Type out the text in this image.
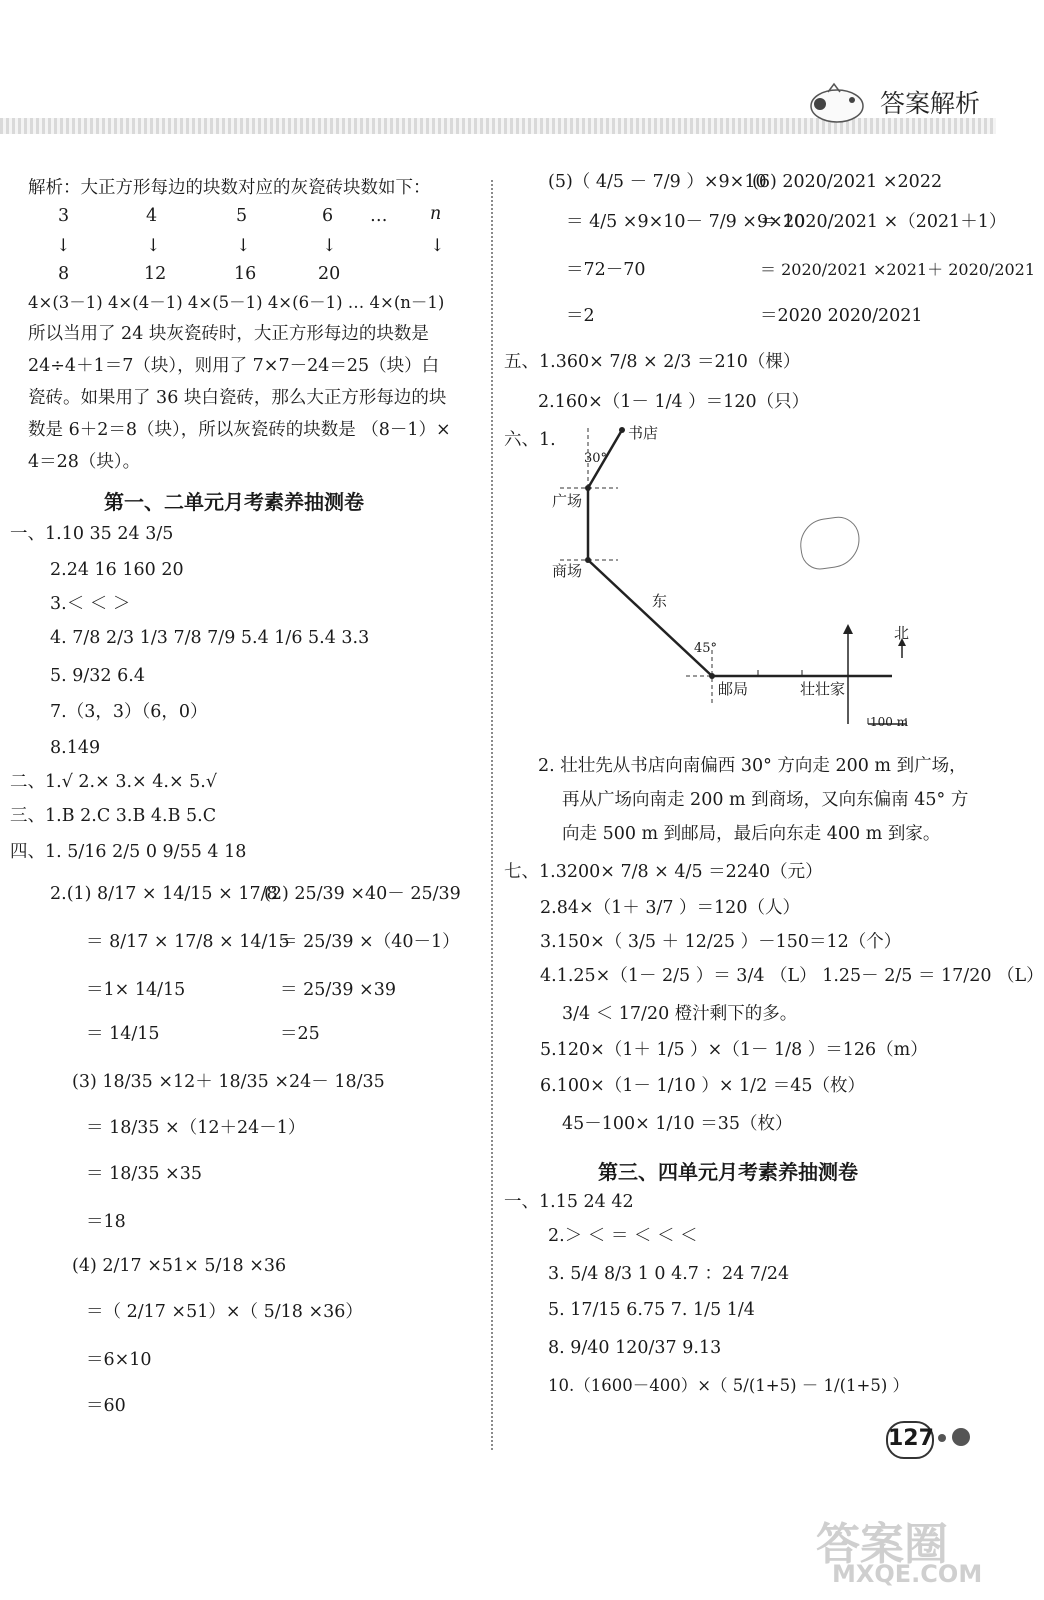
答案解析
解析：大正方形每边的块数对应的灰瓷砖块数如下：
3	4	5	6 … n
↓	↓	↓	↓	↓
8	12	16	20
4×(3－1) 4×(4－1) 4×(5－1) 4×(6－1) … 4×(n－1)
所以当用了 24 块灰瓷砖时，大正方形每边的块数是
24÷4＋1＝7（块），则用了 7×7－24＝25（块）白
瓷砖。如果用了 36 块白瓷砖，那么大正方形每边的块
数是 6＋2＝8（块），所以灰瓷砖的块数是 （8－1）×
4＝28（块）。
第一、二单元月考素养抽测卷
一、1.10 35 24 3/5
2.24 16 160 20
3.＜ ＜ ＞
4. 7/8 2/3 1/3 7/8 7/9 5.4 1/6 5.4 3.3
5. 9/32 6.4
7.（3，3）（6，0）
8.149
二、1.√ 2.× 3.× 4.× 5.√
三、1.B 2.C 3.B 4.B 5.C
四、1. 5/16 2/5 0 9/55 4 18
2.(1) 8/17 × 14/15 × 17/8
＝ 8/17 × 17/8 × 14/15
＝1× 14/15
＝ 14/15
(2) 25/39 ×40－ 25/39
＝ 25/39 ×（40－1）
＝ 25/39 ×39
＝25
(3) 18/35 ×12＋ 18/35 ×24－ 18/35
＝ 18/35 ×（12＋24－1）
＝ 18/35 ×35
＝18
(4) 2/17 ×51× 5/18 ×36
＝（ 2/17 ×51）×（ 5/18 ×36）
＝6×10
＝60
(5)（ 4/5 － 7/9 ）×9×10
＝ 4/5 ×9×10－ 7/9 ×9×10
＝72－70
＝2
(6) 2020/2021 ×2022
＝ 2020/2021 ×（2021＋1）
＝ 2020/2021 ×2021＋ 2020/2021
＝2020 2020/2021
五、1.360× 7/8 × 2/3 ＝210（棵）
2.160×（1－ 1/4 ）＝120（只）
六、1.	书店
30°
广场
商场
东
45°
邮局	壮壮家
北
100 m
2. 壮壮先从书店向南偏西 30° 方向走 200 m 到广场，
再从广场向南走 200 m 到商场，又向东偏南 45° 方
向走 500 m 到邮局，最后向东走 400 m 到家。
七、1.3200× 7/8 × 4/5 ＝2240（元）
2.84×（1＋ 3/7 ）＝120（人）
3.150×（ 3/5 ＋ 12/25 ）－150＝12（个）
4.1.25×（1－ 2/5 ）＝ 3/4 （L） 1.25－ 2/5 ＝ 17/20 （L）
3/4 ＜ 17/20 橙汁剩下的多。
5.120×（1＋ 1/5 ）×（1－ 1/8 ）＝126（m）
6.100×（1－ 1/10 ）× 1/2 ＝45（枚）
45－100× 1/10 ＝35（枚）
第三、四单元月考素养抽测卷
一、1.15 24 42
2.＞ ＜ ＝ ＜ ＜ ＜
3. 5/4 8/3 1 0 4.7 ：24 7/24
5. 17/15 6.75 7. 1/5 1/4
8. 9/40 120/37 9.13
10.（1600－400）×（ 5/(1+5) － 1/(1+5) ）
127
答案圈
MXQE.COM
